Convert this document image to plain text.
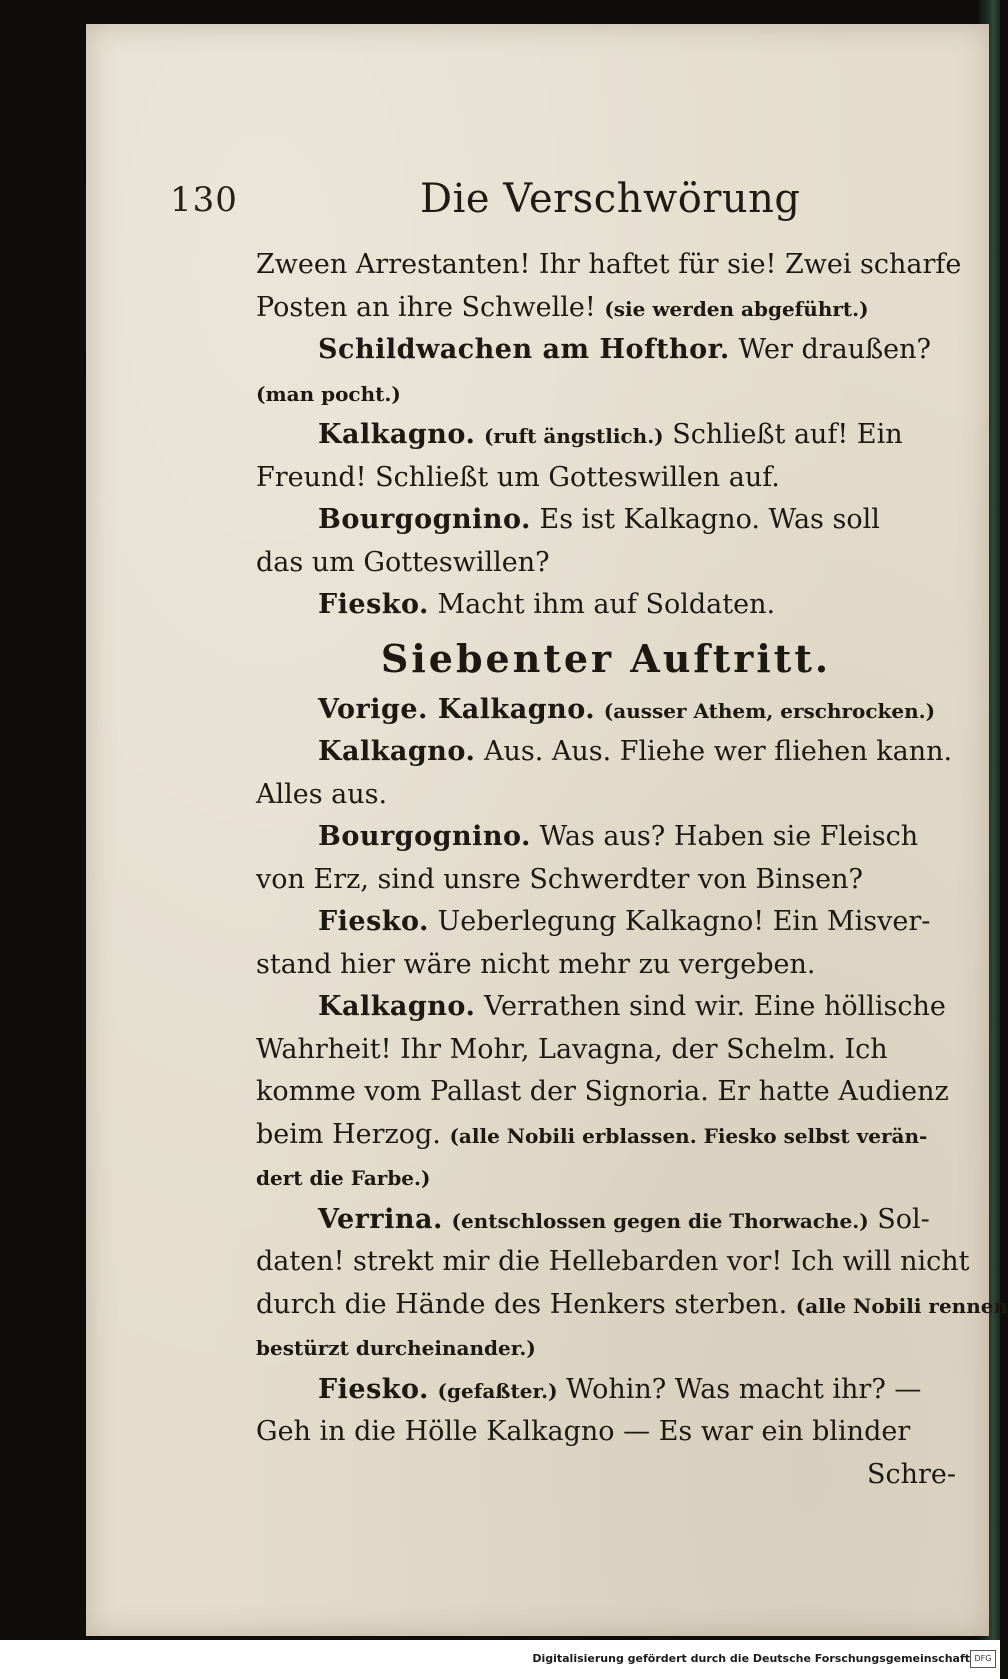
130	Die Verschwörung
Zween Arrestanten! Ihr haftet für sie! Zwei scharfe
Posten an ihre Schwelle! (sie werden abgeführt.)
Schildwachen am Hofthor. Wer draußen?
(man pocht.)
Kalkagno. (ruft ängstlich.) Schließt auf! Ein
Freund! Schließt um Gotteswillen auf.
Bourgognino. Es ist Kalkagno. Was soll
das um Gotteswillen?
Fiesko. Macht ihm auf Soldaten.
Siebenter Auftritt.
Vorige. Kalkagno. (ausser Athem, erschrocken.)
Kalkagno. Aus. Aus. Fliehe wer fliehen kann.
Alles aus.
Bourgognino. Was aus? Haben sie Fleisch
von Erz, sind unsre Schwerdter von Binsen?
Fiesko. Ueberlegung Kalkagno! Ein Misver-
stand hier wäre nicht mehr zu vergeben.
Kalkagno. Verrathen sind wir. Eine höllische
Wahrheit! Ihr Mohr, Lavagna, der Schelm. Ich
komme vom Pallast der Signoria. Er hatte Audienz
beim Herzog. (alle Nobili erblassen. Fiesko selbst verän-
dert die Farbe.)
Verrina. (entschlossen gegen die Thorwache.) Sol-
daten! strekt mir die Hellebarden vor! Ich will nicht
durch die Hände des Henkers sterben. (alle Nobili rennen
bestürzt durcheinander.)
Fiesko. (gefaßter.) Wohin? Was macht ihr? —
Geh in die Hölle Kalkagno — Es war ein blinder
Schre-
Digitalisierung gefördert durch die Deutsche Forschungsgemeinschaft DFG
